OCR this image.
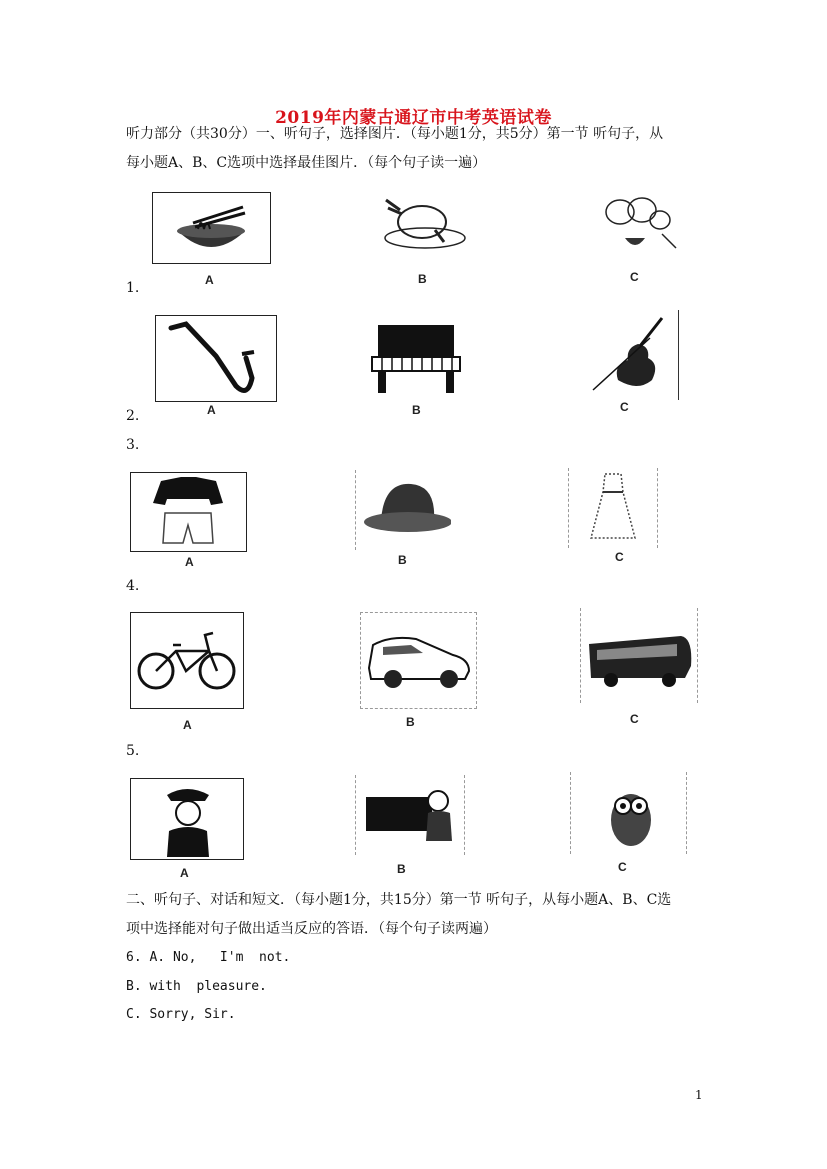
2019年内蒙古通辽市中考英语试卷
听力部分（共30分）一、听句子，选择图片．（每小题1分，共5分）第一节 听句子，从
每小题A、B、C选项中选择最佳图片．（每个句子读一遍）
A	B	C
1.
A	B	C
2.
3.
A	B	C
4.
A	B	C
5.
A	B	C
二、听句子、对话和短文．（每小题1分，共15分）第一节 听句子，从每小题A、B、C选
项中选择能对句子做出适当反应的答语．（每个句子读两遍）
6. A. No,   I'm  not.
B. with  pleasure.
C. Sorry, Sir.
1
